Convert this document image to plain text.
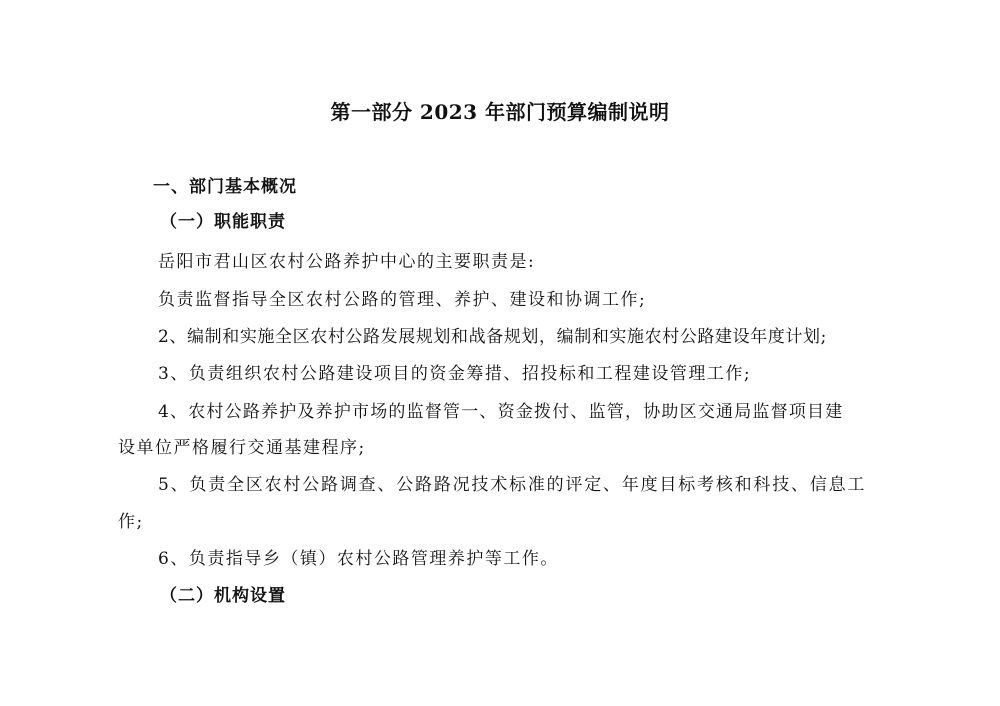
第一部分 2023 年部门预算编制说明
一、部门基本概况
（一）职能职责
岳阳市君山区农村公路养护中心的主要职责是:
负责监督指导全区农村公路的管理、养护、建设和协调工作;
2、编制和实施全区农村公路发展规划和战备规划，编制和实施农村公路建设年度计划;
3、负责组织农村公路建设项目的资金筹措、招投标和工程建设管理工作;
4、农村公路养护及养护市场的监督管一、资金拨付、监管，协助区交通局监督项目建
设单位严格履行交通基建程序;
5、负责全区农村公路调查、公路路况技术标准的评定、年度目标考核和科技、信息工
作;
6、负责指导乡（镇）农村公路管理养护等工作。
（二）机构设置
